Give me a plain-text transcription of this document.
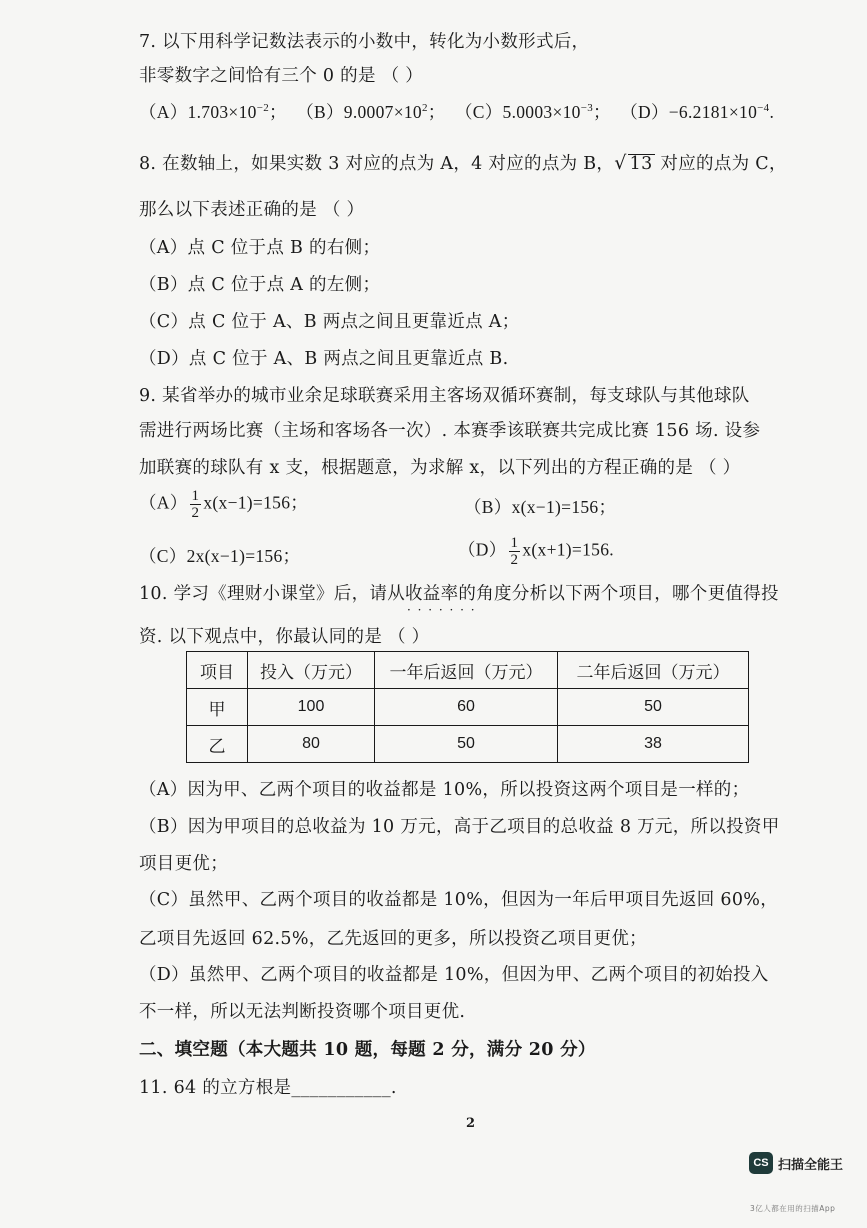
7. 以下用科学记数法表示的小数中，转化为小数形式后，
非零数字之间恰有三个 0 的是 （ ）
$(A)1.703\times 10^{-2}$； $(B)9.0007\times 10^2$； $(C)5.0003\times 10^{-3}$； $(D)-6.2181\times 10^{-4}$.
8. 在数轴上，如果实数 3 对应的点为 A，4 对应的点为 B，√ 13 对应的点为 C，
那么以下表述正确的是 （ ）
（A）点 C 位于点 B 的右侧；
（B）点 C 位于点 A 的左侧；
（C）点 C 位于 A、B 两点之间且更靠近点 A；
（D）点 C 位于 A、B 两点之间且更靠近点 B.
9. 某省举办的城市业余足球联赛采用主客场双循环赛制，每支球队与其他球队
需进行两场比赛（主场和客场各一次）. 本赛季该联赛共完成比赛 156 场. 设参
加联赛的球队有 x 支，根据题意，为求解 x，以下列出的方程正确的是 （ ）
$(A) \frac{1}{2} x(x-1)=156$；	（B）x(x−1)=156；
（C）2x(x−1)=156；	$(D) \frac{1}{2} x(x+1)=156$.
10. 学习《理财小课堂》后，请从收益率的角度 · · ·分析以下两个项目，哪个更值得投
资. 以下观点中，你最认同的是 （ ）
项目	投入（万元）	一年后返回（万元）	二年后返回（万元）
甲	100	60	50
乙	80	50	38
（A）因为甲、乙两个项目的收益都是 10%，所以投资这两个项目是一样的；
（B）因为甲项目的总收益为 10 万元，高于乙项目的总收益 8 万元，所以投资甲
项目更优；
（C）虽然甲、乙两个项目的收益都是 10%，但因为一年后甲项目先返回 60%，
乙项目先返回 62.5%，乙先返回的更多，所以投资乙项目更优；
（D）虽然甲、乙两个项目的收益都是 10%，但因为甲、乙两个项目的初始投入
不一样，所以无法判断投资哪个项目更优.
二、填空题（本大题共 10 题，每题 2 分，满分 20 分）
11. 64 的立方根是___________.
2
CS 扫描全能王
3亿人都在用的扫描App
